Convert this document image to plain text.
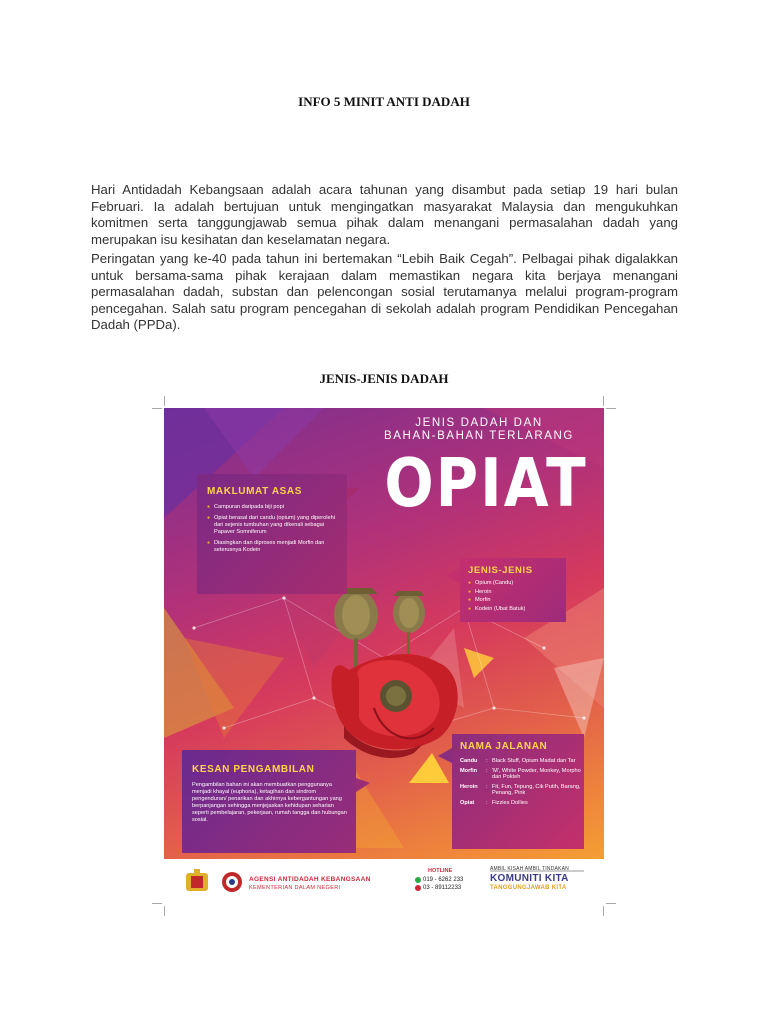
INFO 5 MINIT ANTI DADAH
Hari Antidadah Kebangsaan adalah acara tahunan yang disambut pada setiap 19 hari bulan Februari. Ia adalah bertujuan untuk mengingatkan masyarakat Malaysia dan mengukuhkan komitmen serta tanggungjawab semua pihak dalam menangani permasalahan dadah yang merupakan isu kesihatan dan keselamatan negara.
Peringatan yang ke-40 pada tahun ini bertemakan “Lebih Baik Cegah”. Pelbagai pihak digalakkan untuk bersama-sama pihak kerajaan dalam memastikan negara kita berjaya menangani permasalahan dadah, substan dan pelencongan sosial terutamanya melalui program-program pencegahan. Salah satu program pencegahan di sekolah adalah program Pendidikan Pencegahan Dadah (PPDa).
JENIS-JENIS DADAH
JENIS DADAH DAN
BAHAN-BAHAN TERLARANG
OPIAT
MAKLUMAT ASAS
● Campuran daripada biji popi
● Opiat berasal dari candu (opium) yang diperolehi dari sejenis tumbuhan yang dikenali sebagai Papaver Somniferum
● Diasingkan dan diproses menjadi Morfin dan seterusnya Kodein
JENIS-JENIS
● Opium (Candu)
● Heroin
● Morfin
● Kodein (Ubat Batuk)
KESAN PENGAMBILAN
Pengambilan bahan ini akan membuatkan penggunanya menjadi khayal (euphoria), ketagihan dan sindrom pengenduran/ penarikan dan akhirnya kebergantungan yang berpanjangan sehingga menjejaskan kehidupan seharian seperti pembelajaran, pekerjaan, rumah tangga dan hubungan sosial.
NAMA JALANAN
Candu	: Black Stuff, Opium Madat dan Tar
Morfin	: 'M', White Powder, Monkey, Morpho dan Pokteh
Heroin	: Fit, Fun, Tepung, Cik Putih, Barang, Penang, Pink
Opiat	: Fizzies Dollies
AGENSI ANTIDADAH KEBANGSAAN
KEMENTERIAN DALAM NEGERI
HOTLINE
019 - 6262 233
03 - 89112233
AMBIL KISAH AMBIL TINDAKAN
KOMUNITI KITA
TANGGUNGJAWAB KITA
